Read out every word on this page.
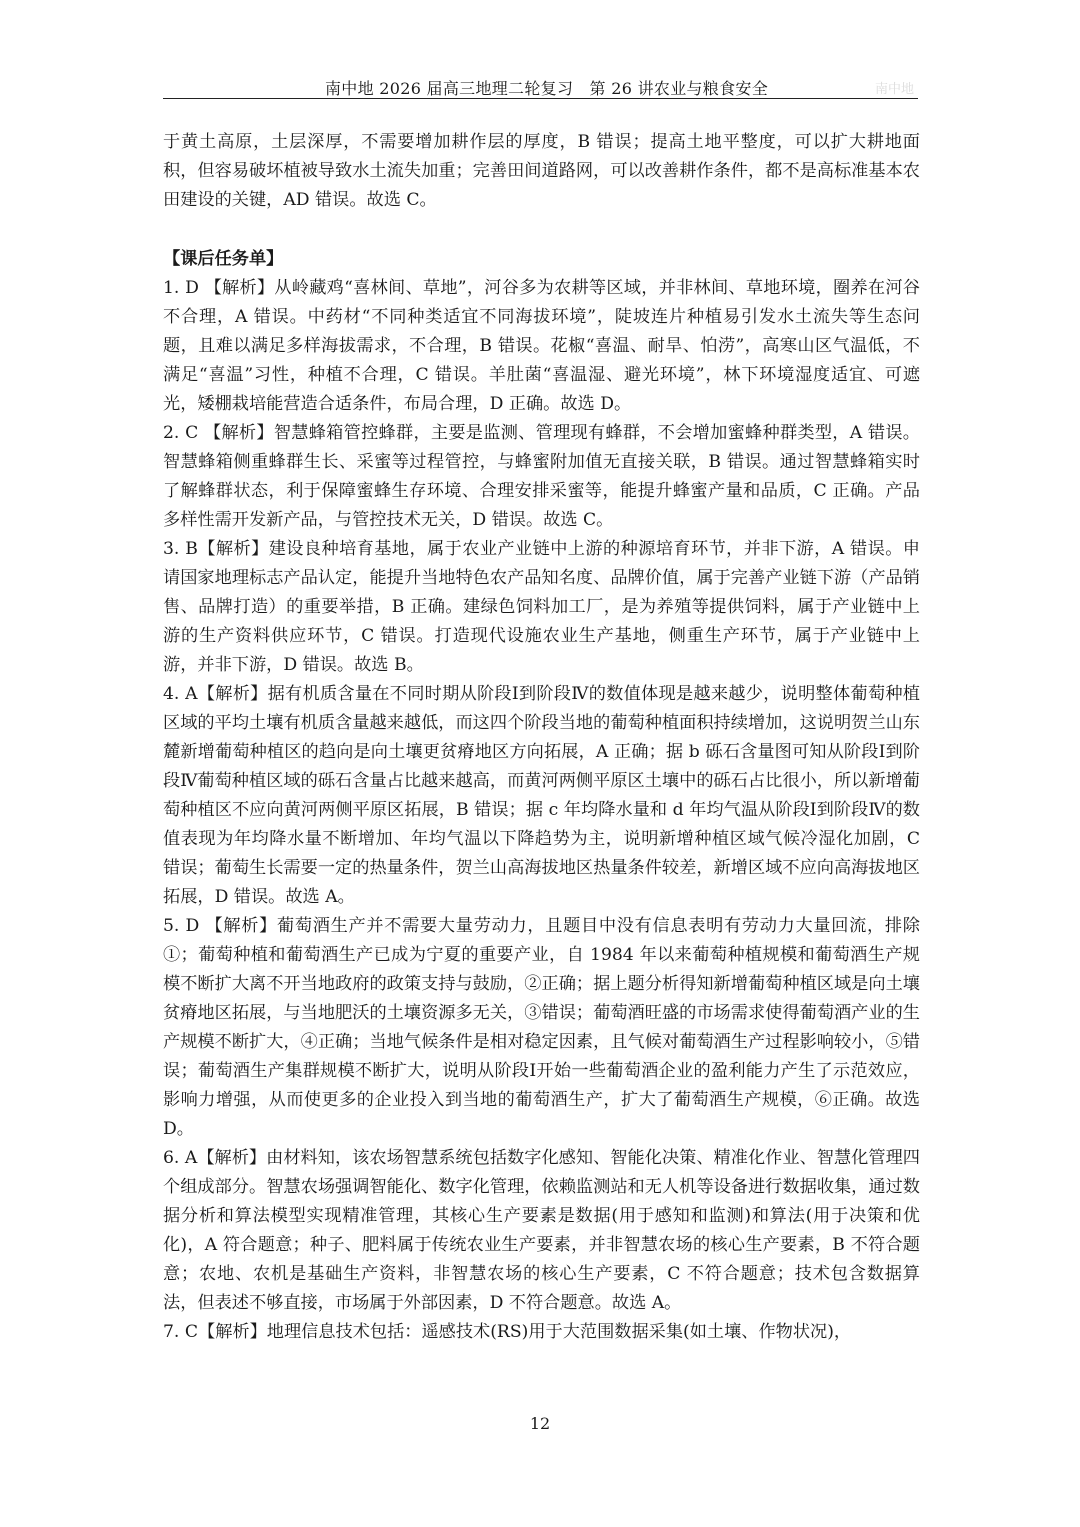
南中地 2026 届高三地理二轮复习　第 26 讲农业与粮食安全	南中地

于黄土高原，土层深厚，不需要增加耕作层的厚度，B 错误；提高土地平整度，可以扩大耕地面积，但容易破坏植被导致水土流失加重；完善田间道路网，可以改善耕作条件，都不是高标准基本农田建设的关键，AD 错误。故选 C。

【课后任务单】

1. D 【解析】从岭藏鸡“喜林间、草地”，河谷多为农耕等区域，并非林间、草地环境，圈养在河谷不合理，A 错误。中药材“不同种类适宜不同海拔环境”，陡坡连片种植易引发水土流失等生态问题，且难以满足多样海拔需求，不合理，B 错误。花椒“喜温、耐旱、怕涝”，高寒山区气温低，不满足“喜温”习性，种植不合理，C 错误。羊肚菌“喜温湿、避光环境”，林下环境湿度适宜、可遮光，矮棚栽培能营造合适条件，布局合理，D 正确。故选 D。

2. C 【解析】智慧蜂箱管控蜂群，主要是监测、管理现有蜂群，不会增加蜜蜂种群类型，A 错误。智慧蜂箱侧重蜂群生长、采蜜等过程管控，与蜂蜜附加值无直接关联，B 错误。通过智慧蜂箱实时了解蜂群状态，利于保障蜜蜂生存环境、合理安排采蜜等，能提升蜂蜜产量和品质，C 正确。产品多样性需开发新产品，与管控技术无关，D 错误。故选 C。

3. B【解析】建设良种培育基地，属于农业产业链中上游的种源培育环节，并非下游，A 错误。申请国家地理标志产品认定，能提升当地特色农产品知名度、品牌价值，属于完善产业链下游（产品销售、品牌打造）的重要举措，B 正确。建绿色饲料加工厂，是为养殖等提供饲料，属于产业链中上游的生产资料供应环节，C 错误。打造现代设施农业生产基地，侧重生产环节，属于产业链中上游，并非下游，D 错误。故选 B。

4. A【解析】据有机质含量在不同时期从阶段Ⅰ到阶段Ⅳ的数值体现是越来越少，说明整体葡萄种植区域的平均土壤有机质含量越来越低，而这四个阶段当地的葡萄种植面积持续增加，这说明贺兰山东麓新增葡萄种植区的趋向是向土壤更贫瘠地区方向拓展，A 正确；据 b 砾石含量图可知从阶段Ⅰ到阶段Ⅳ葡萄种植区域的砾石含量占比越来越高，而黄河两侧平原区土壤中的砾石占比很小，所以新增葡萄种植区不应向黄河两侧平原区拓展，B 错误；据 c 年均降水量和 d 年均气温从阶段Ⅰ到阶段Ⅳ的数值表现为年均降水量不断增加、年均气温以下降趋势为主，说明新增种植区域气候冷湿化加剧，C 错误；葡萄生长需要一定的热量条件，贺兰山高海拔地区热量条件较差，新增区域不应向高海拔地区拓展，D 错误。故选 A。

5. D 【解析】葡萄酒生产并不需要大量劳动力，且题目中没有信息表明有劳动力大量回流，排除①；葡萄种植和葡萄酒生产已成为宁夏的重要产业，自 1984 年以来葡萄种植规模和葡萄酒生产规模不断扩大离不开当地政府的政策支持与鼓励，②正确；据上题分析得知新增葡萄种植区域是向土壤贫瘠地区拓展，与当地肥沃的土壤资源多无关，③错误；葡萄酒旺盛的市场需求使得葡萄酒产业的生产规模不断扩大，④正确；当地气候条件是相对稳定因素，且气候对葡萄酒生产过程影响较小，⑤错误；葡萄酒生产集群规模不断扩大，说明从阶段Ⅰ开始一些葡萄酒企业的盈利能力产生了示范效应，影响力增强，从而使更多的企业投入到当地的葡萄酒生产，扩大了葡萄酒生产规模，⑥正确。故选 D。

6. A【解析】由材料知，该农场智慧系统包括数字化感知、智能化决策、精准化作业、智慧化管理四个组成部分。智慧农场强调智能化、数字化管理，依赖监测站和无人机等设备进行数据收集，通过数据分析和算法模型实现精准管理，其核心生产要素是数据(用于感知和监测)和算法(用于决策和优化)，A 符合题意；种子、肥料属于传统农业生产要素，并非智慧农场的核心生产要素，B 不符合题意；农地、农机是基础生产资料，非智慧农场的核心生产要素，C 不符合题意；技术包含数据算法，但表述不够直接，市场属于外部因素，D 不符合题意。故选 A。

7. C【解析】地理信息技术包括：遥感技术(RS)用于大范围数据采集(如土壤、作物状况)，

12
